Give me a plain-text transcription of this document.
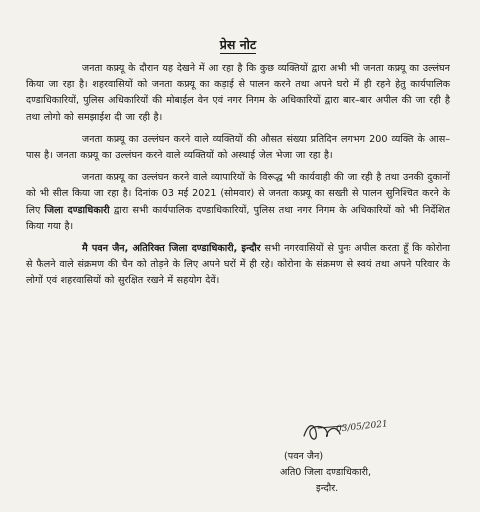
प्रेस नोट

जनता कफ्र्यू के दौरान यह देखने में आ रहा है कि कुछ व्यक्तियों द्वारा अभी भी जनता कफ्र्यू का उल्लंघन किया जा रहा है। शहरवासियों को जनता कफ्र्यू का कड़ाई से पालन करने तथा अपने घरो में ही रहने हेतु कार्यपालिक दण्डाधिकारियों, पुलिस अधिकारियों की मोबाईल वेन एवं नगर निगम के अधिकारियों द्वारा बार–बार अपील की जा रही है तथा लोगो को समझाईश दी जा रही है।

जनता कफ्र्यू का उल्लंघन करने वाले व्यक्तियों की औसत संख्या प्रतिदिन लगभग 200 व्यक्ति के आस–पास है। जनता कफ्र्यू का उल्लंघन करने वाले व्यक्तियों को अस्थाई जेल भेजा जा रहा है।

जनता कफ्र्यू का उल्लंघन करने वाले व्यापारियों के विरूद्ध भी कार्यवाही की जा रही है तथा उनकी दुकानों को भी सील किया जा रहा है। दिनांक 03 मई 2021 (सोमवार) से जनता कफ्र्यू का सख्ती से पालन सुनिश्चित करने के लिए जिला दण्डाधिकारी द्वारा सभी कार्यपालिक दण्डाधिकारियों, पुलिस तथा नगर निगम के अधिकारियों को भी निर्देशित किया गया है।

मै पवन जैन, अतिरिक्त जिला दण्डाधिकारी, इन्दौर सभी नगरवासियों से पुनः अपील करता हूँ कि कोरोना से फैलने वाले संक्रमण की चैन को तोड़ने के लिए अपने घरों में ही रहे। कोरोना के संक्रमण से स्वयं तथा अपने परिवार के लोगों एवं शहरवासियों को सुरक्षित रखने में सहयोग देवें।

03/05/2021
(पवन जैन)
अति0 जिला दण्डाधिकारी,
इन्दौर.
